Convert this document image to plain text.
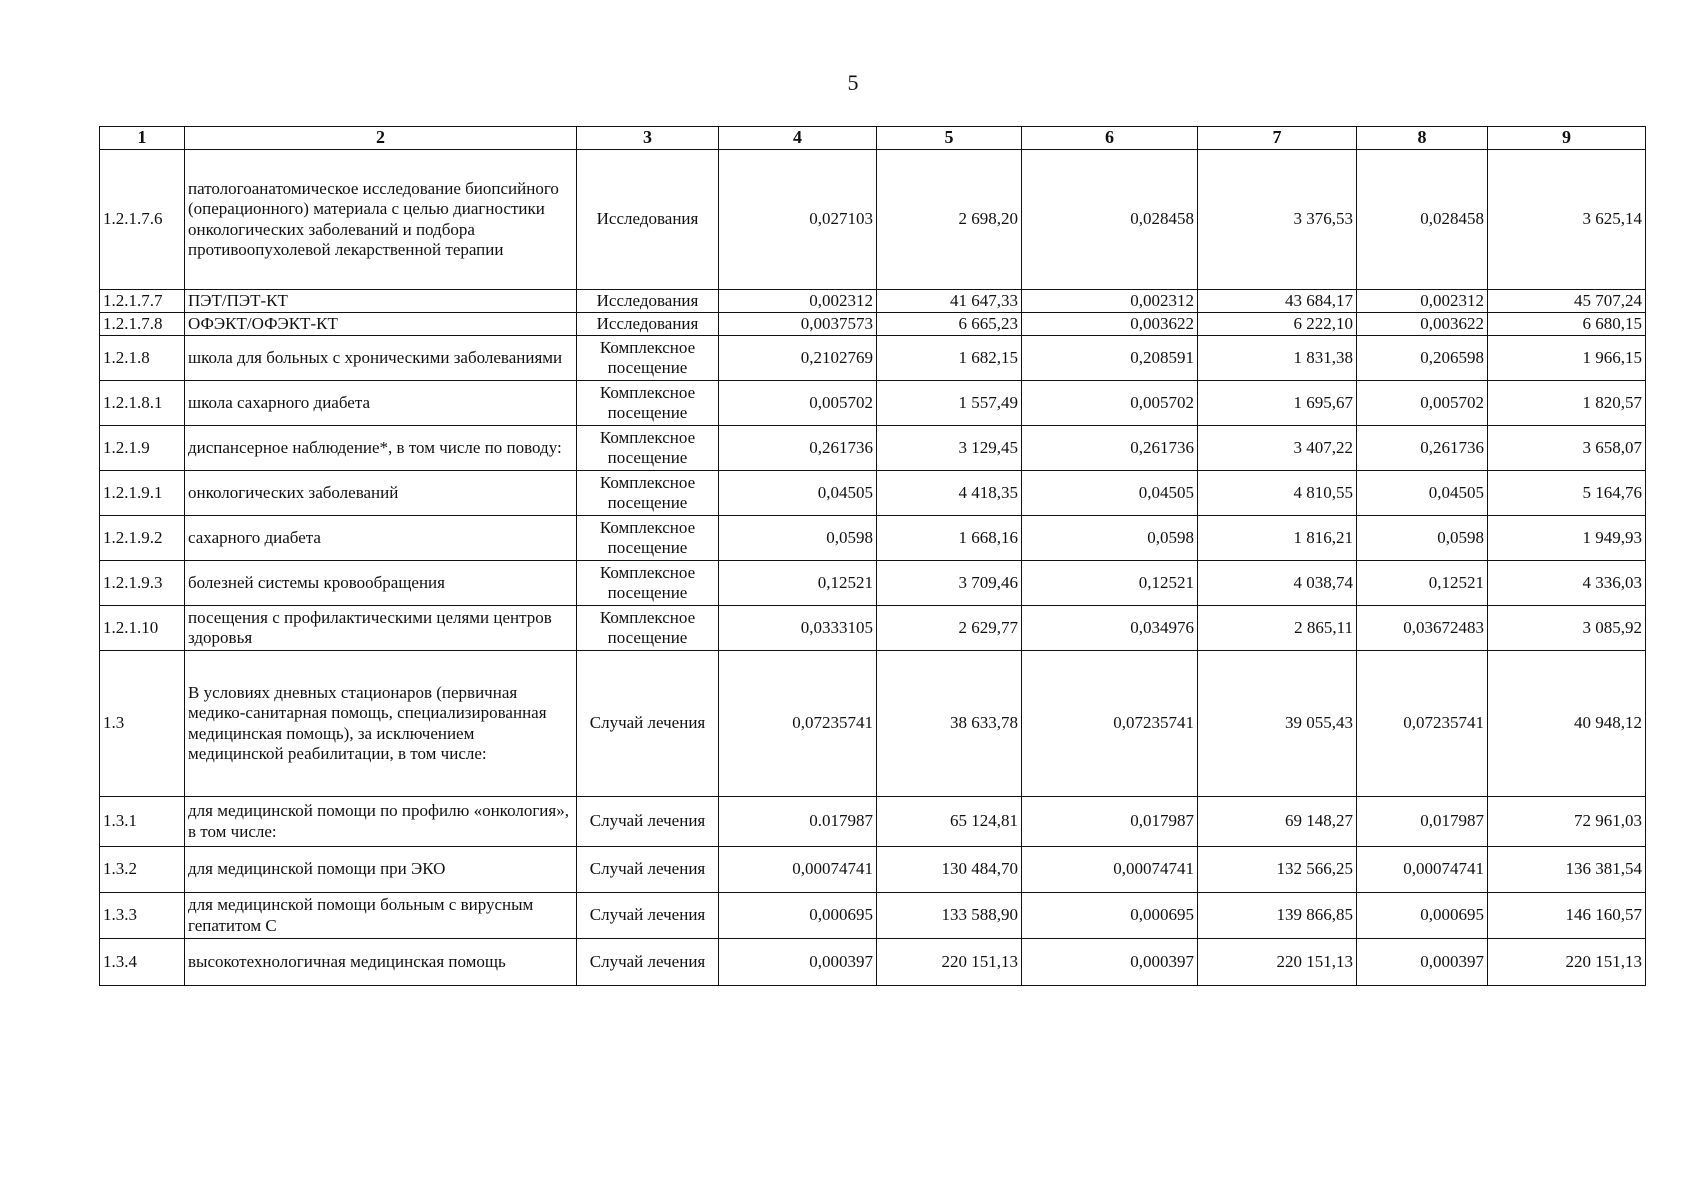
5
1	2	3	4	5	6	7	8	9
1.2.1.7.6	патологоанатомическое исследование биопсийного (операционного) материала с целью диагностики онкологических заболеваний и подбора противоопухолевой лекарственной терапии	Исследования	0,027103	2 698,20	0,028458	3 376,53	0,028458	3 625,14
1.2.1.7.7	ПЭТ/ПЭТ-КТ	Исследования	0,002312	41 647,33	0,002312	43 684,17	0,002312	45 707,24
1.2.1.7.8	ОФЭКТ/ОФЭКТ-КТ	Исследования	0,0037573	6 665,23	0,003622	6 222,10	0,003622	6 680,15
1.2.1.8	школа для больных с хроническими заболеваниями	Комплексное посещение	0,2102769	1 682,15	0,208591	1 831,38	0,206598	1 966,15
1.2.1.8.1	школа сахарного диабета	Комплексное посещение	0,005702	1 557,49	0,005702	1 695,67	0,005702	1 820,57
1.2.1.9	диспансерное наблюдение*, в том числе по поводу:	Комплексное посещение	0,261736	3 129,45	0,261736	3 407,22	0,261736	3 658,07
1.2.1.9.1	онкологических заболеваний	Комплексное посещение	0,04505	4 418,35	0,04505	4 810,55	0,04505	5 164,76
1.2.1.9.2	сахарного диабета	Комплексное посещение	0,0598	1 668,16	0,0598	1 816,21	0,0598	1 949,93
1.2.1.9.3	болезней системы кровообращения	Комплексное посещение	0,12521	3 709,46	0,12521	4 038,74	0,12521	4 336,03
1.2.1.10	посещения с профилактическими целями центров здоровья	Комплексное посещение	0,0333105	2 629,77	0,034976	2 865,11	0,03672483	3 085,92
1.3	В условиях дневных стационаров (первичная медико-санитарная помощь, специализированная медицинская помощь), за исключением медицинской реабилитации, в том числе:	Случай лечения	0,07235741	38 633,78	0,07235741	39 055,43	0,07235741	40 948,12
1.3.1	для медицинской помощи по профилю «онкология», в том числе:	Случай лечения	0.017987	65 124,81	0,017987	69 148,27	0,017987	72 961,03
1.3.2	для медицинской помощи при ЭКО	Случай лечения	0,00074741	130 484,70	0,00074741	132 566,25	0,00074741	136 381,54
1.3.3	для медицинской помощи больным с вирусным гепатитом С	Случай лечения	0,000695	133 588,90	0,000695	139 866,85	0,000695	146 160,57
1.3.4	высокотехнологичная медицинская помощь	Случай лечения	0,000397	220 151,13	0,000397	220 151,13	0,000397	220 151,13
